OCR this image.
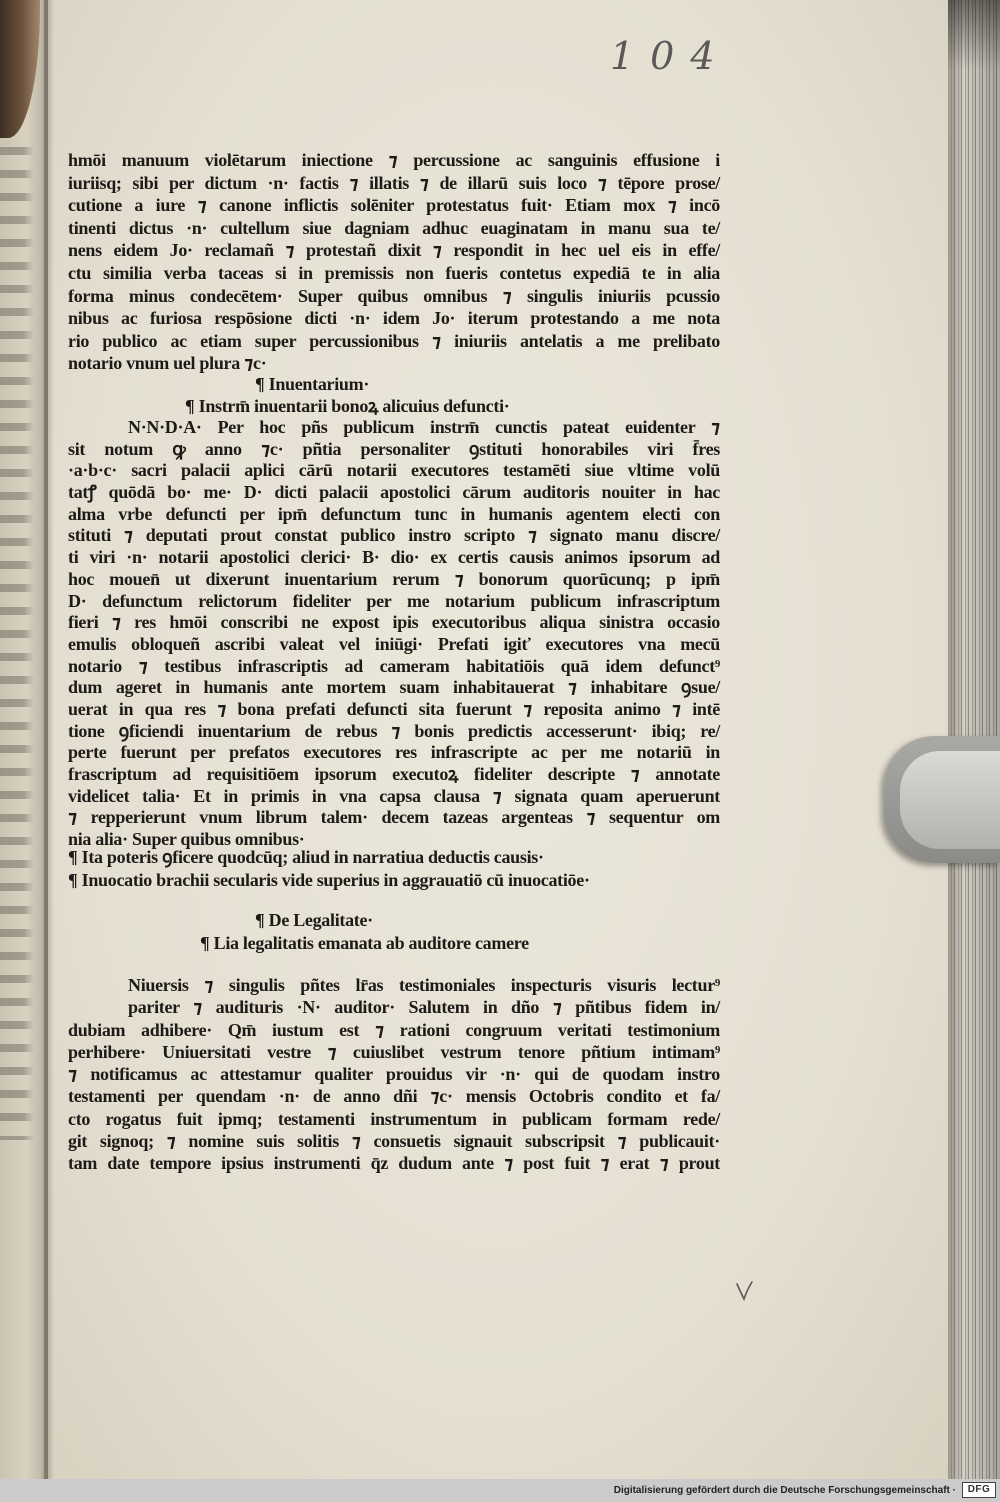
104
hmōi manuum violētarum iniectione ⁊ percussione ac sanguinis effusione i
iuriisq; sibi per dictum ·n· factis ⁊ illatis ⁊ de illarū suis loco ⁊ tēpore prose/
cutione a iure ⁊ canone inflictis solēniter protestatus fuit· Etiam mox ⁊ incō
tinenti dictus ·n· cultellum siue dagniam adhuc euaginatam in manu sua te/
nens eidem Jo· reclamañ ⁊ protestañ dixit ⁊ respondit in hec uel eis in effe/
ctu similia verba taceas si in premissis non fueris contetus expediā te in alia
forma minus condecētem· Super quibus omnibus ⁊ singulis iniuriis pcussio
nibus ac furiosa respōsione dicti ·n· idem Jo· iterum protestando a me nota
rio publico ac etiam super percussionibus ⁊ iniuriis antelatis a me prelibato
notario vnum uel plura ⁊c·
¶ Inuentarium·
¶ Instrm̄ inuentarii bonoꝝ alicuius defuncti·
N·N·D·A· Per hoc pñs publicum instrm̄ cunctis pateat euidenter ⁊
sit notum ꝙ anno ⁊c· pñtia personaliter ꝯstituti honorabiles viri f̄res
·a·b·c· sacri palacii aplici cārū notarii executores testamēti siue vltime volū
tatꝭ quōdā bo· me· D· dicti palacii apostolici cārum auditoris nouiter in hac
alma vrbe defuncti per ipm̄ defunctum tunc in humanis agentem electi con
stituti ⁊ deputati prout constat publico instro scripto ⁊ signato manu discre/
ti viri ·n· notarii apostolici clerici· B· dio· ex certis causis animos ipsorum ad
hoc mouen̄ ut dixerunt inuentarium rerum ⁊ bonorum quorūcunq; p ipm̄
D· defunctum relictorum fideliter per me notarium publicum infrascriptum
fieri ⁊ res hmōi conscribi ne expost ipis executoribus aliqua sinistra occasio
emulis obloqueñ ascribi valeat vel iniūgi· Prefati igiť executores vna mecū
notario ⁊ testibus infrascriptis ad cameram habitatiōis quā idem defunct⁹
dum ageret in humanis ante mortem suam inhabitauerat ⁊ inhabitare ꝯsue/
uerat in qua res ⁊ bona prefati defuncti sita fuerunt ⁊ reposita animo ⁊ intē
tione ꝯficiendi inuentarium de rebus ⁊ bonis predictis accesserunt· ibiq; re/
perte fuerunt per prefatos executores res infrascripte ac per me notariū in
frascriptum ad requisitiōem ipsorum executoꝝ fideliter descripte ⁊ annotate
videlicet talia· Et in primis in vna capsa clausa ⁊ signata quam aperuerunt
⁊ repperierunt vnum librum talem· decem tazeas argenteas ⁊ sequentur om
nia alia· Super quibus omnibus·
¶ Ita poteris ꝯficere quodcūq; aliud in narratiua deductis causis·
¶ Inuocatio brachii secularis vide superius in aggrauatiō cū inuocatiōe·
¶ De Legalitate·
¶ Lia legalitatis emanata ab auditore camere
Niuersis ⁊ singulis pñtes lr̄as testimoniales inspecturis visuris lectur⁹
pariter ⁊ audituris ·N· auditor· Salutem in dño ⁊ pñtibus fidem in/
dubiam adhibere· Qm̄ iustum est ⁊ rationi congruum veritati testimonium
perhibere· Uniuersitati vestre ⁊ cuiuslibet vestrum tenore pñtium intimam⁹
⁊ notificamus ac attestamur qualiter prouidus vir ·n· qui de quodam instro
testamenti per quendam ·n· de anno dñi ⁊c· mensis Octobris condito et fa/
cto rogatus fuit ipmq; testamenti instrumentum in publicam formam rede/
git signoq; ⁊ nomine suis solitis ⁊ consuetis signauit subscripsit ⁊ publicauit·
tam date tempore ipsius instrumenti q̄z dudum ante ⁊ post fuit ⁊ erat ⁊ prout
Digitalisierung gefördert durch die Deutsche Forschungsgemeinschaft ·	DFG
